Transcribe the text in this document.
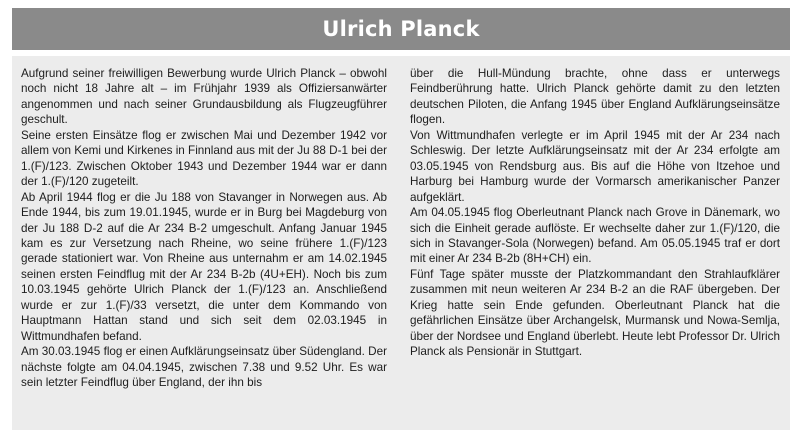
Ulrich Planck

Aufgrund seiner freiwilligen Bewerbung wurde Ulrich Planck – obwohl noch nicht 18 Jahre alt – im Frühjahr 1939 als Offiziersanwärter angenommen und nach seiner Grundausbildung als Flugzeugführer geschult.

Seine ersten Einsätze flog er zwischen Mai und Dezember 1942 vor allem von Kemi und Kirkenes in Finnland aus mit der Ju 88 D-1 bei der 1.(F)/123. Zwischen Oktober 1943 und Dezember 1944 war er dann der 1.(F)/120 zugeteilt.

Ab April 1944 flog er die Ju 188 von Stavanger in Norwegen aus. Ab Ende 1944, bis zum 19.01.1945, wurde er in Burg bei Magdeburg von der Ju 188 D-2 auf die Ar 234 B-2 umgeschult. Anfang Januar 1945 kam es zur Versetzung nach Rheine, wo seine frühere 1.(F)/123 gerade stationiert war. Von Rheine aus unternahm er am 14.02.1945 seinen ersten Feindflug mit der Ar 234 B-2b (4U+EH). Noch bis zum 10.03.1945 gehörte Ulrich Planck der 1.(F)/123 an. Anschließend wurde er zur 1.(F)/33 versetzt, die unter dem Kommando von Hauptmann Hattan stand und sich seit dem 02.03.1945 in Wittmundhafen befand.

Am 30.03.1945 flog er einen Aufklärungseinsatz über Südengland. Der nächste folgte am 04.04.1945, zwischen 7.38 und 9.52 Uhr. Es war sein letzter Feindflug über England, der ihn bis

über die Hull-Mündung brachte, ohne dass er unterwegs Feindberührung hatte. Ulrich Planck gehörte damit zu den letzten deutschen Piloten, die Anfang 1945 über England Aufklärungseinsätze flogen.

Von Wittmundhafen verlegte er im April 1945 mit der Ar 234 nach Schleswig. Der letzte Aufklärungseinsatz mit der Ar 234 erfolgte am 03.05.1945 von Rendsburg aus. Bis auf die Höhe von Itzehoe und Harburg bei Hamburg wurde der Vormarsch amerikanischer Panzer aufgeklärt.

Am 04.05.1945 flog Oberleutnant Planck nach Grove in Dänemark, wo sich die Einheit gerade auflöste. Er wechselte daher zur 1.(F)/120, die sich in Stavanger-Sola (Norwegen) befand. Am 05.05.1945 traf er dort mit einer Ar 234 B-2b (8H+CH) ein.

Fünf Tage später musste der Platzkommandant den Strahlaufklärer zusammen mit neun weiteren Ar 234 B-2 an die RAF übergeben. Der Krieg hatte sein Ende gefunden. Oberleutnant Planck hat die gefährlichen Einsätze über Archangelsk, Murmansk und Nowa-Semlja, über der Nordsee und England überlebt. Heute lebt Professor Dr. Ulrich Planck als Pensionär in Stuttgart.
